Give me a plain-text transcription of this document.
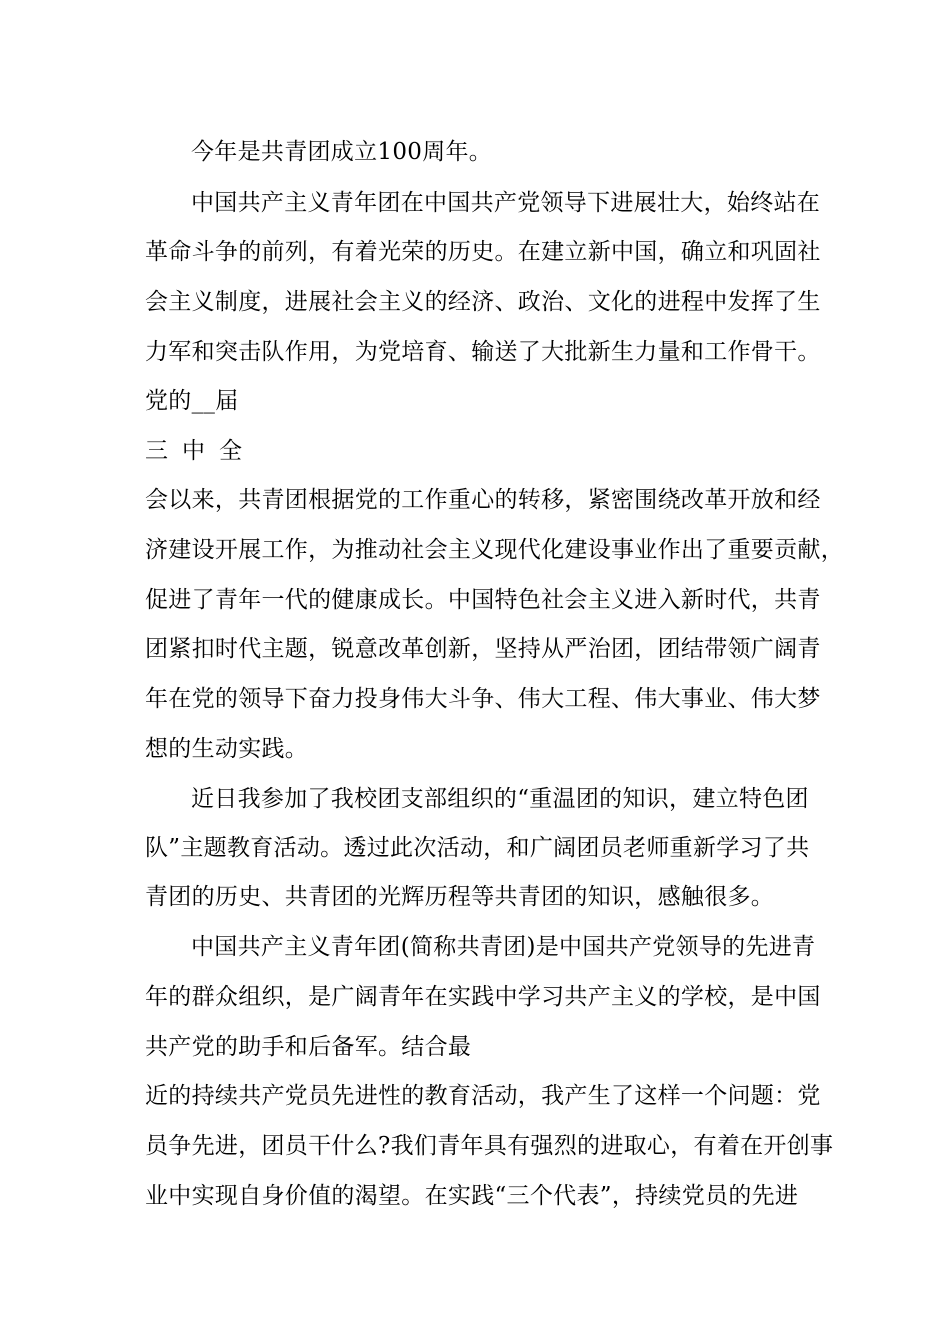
今年是共青团成立100周年。
中国共产主义青年团在中国共产党领导下进展壮大，始终站在
革命斗争的前列，有着光荣的历史。在建立新中国，确立和巩固社
会主义制度，进展社会主义的经济、政治、文化的进程中发挥了生
力军和突击队作用，为党培育、输送了大批新生力量和工作骨干。
党的__届
三中全
会以来，共青团根据党的工作重心的转移，紧密围绕改革开放和经
济建设开展工作，为推动社会主义现代化建设事业作出了重要贡献，
促进了青年一代的健康成长。中国特色社会主义进入新时代，共青
团紧扣时代主题，锐意改革创新，坚持从严治团，团结带领广阔青
年在党的领导下奋力投身伟大斗争、伟大工程、伟大事业、伟大梦
想的生动实践。
近日我参加了我校团支部组织的“重温团的知识，建立特色团
队”主题教育活动。透过此次活动，和广阔团员老师重新学习了共
青团的历史、共青团的光辉历程等共青团的知识，感触很多。
中国共产主义青年团(简称共青团)是中国共产党领导的先进青
年的群众组织，是广阔青年在实践中学习共产主义的学校，是中国
共产党的助手和后备军。结合最
近的持续共产党员先进性的教育活动，我产生了这样一个问题：党
员争先进，团员干什么?我们青年具有强烈的进取心，有着在开创事
业中实现自身价值的渴望。在实践“三个代表”，持续党员的先进
